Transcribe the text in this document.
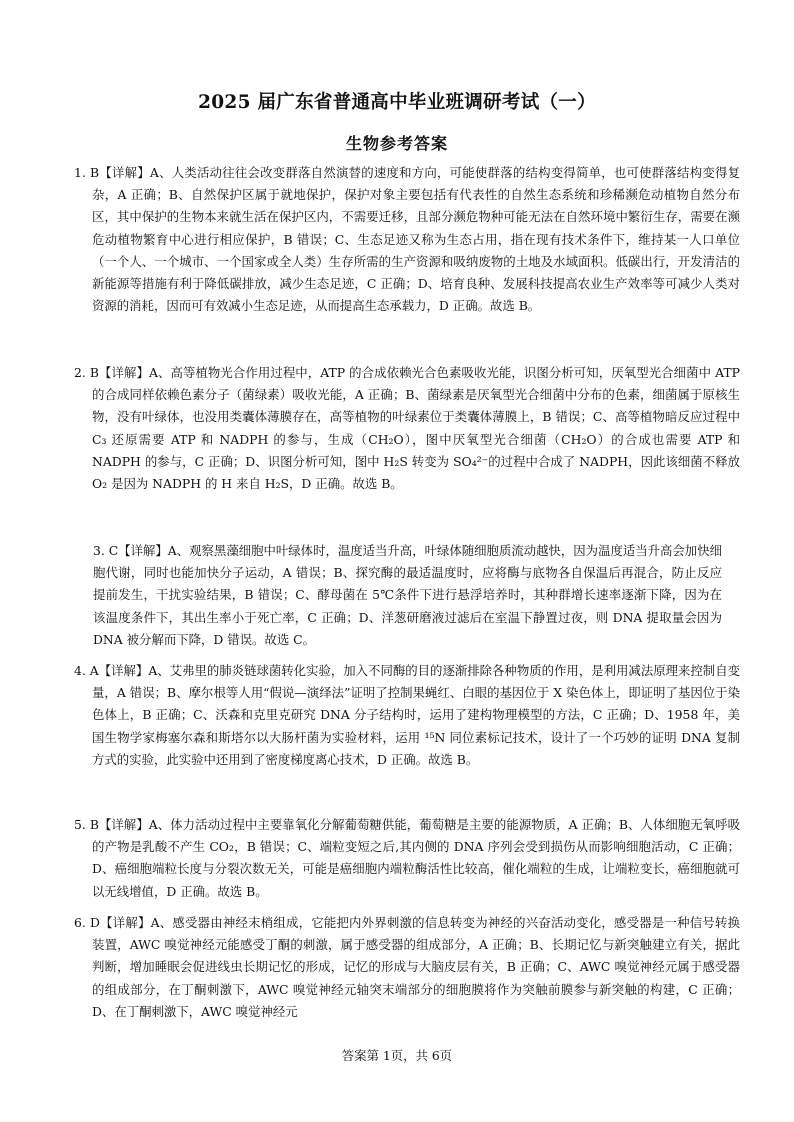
2025 届广东省普通高中毕业班调研考试（一）
生物参考答案

1. B【详解】A、人类活动往往会改变群落自然演替的速度和方向，可能使群落的结构变得简单，也可使群落结构变得复杂，A 正确；B、自然保护区属于就地保护，保护对象主要包括有代表性的自然生态系统和珍稀濒危动植物自然分布区，其中保护的生物本来就生活在保护区内，不需要迁移，且部分濒危物种可能无法在自然环境中繁衍生存，需要在濒危动植物繁育中心进行相应保护，B 错误；C、生态足迹又称为生态占用，指在现有技术条件下，维持某一人口单位（一个人、一个城市、一个国家或全人类）生存所需的生产资源和吸纳废物的土地及水域面积。低碳出行，开发清洁的新能源等措施有利于降低碳排放，减少生态足迹，C 正确；D、培育良种、发展科技提高农业生产效率等可减少人类对资源的消耗，因而可有效减小生态足迹，从而提高生态承载力，D 正确。故选 B。

2. B【详解】A、高等植物光合作用过程中，ATP 的合成依赖光合色素吸收光能，识图分析可知，厌氧型光合细菌中 ATP 的合成同样依赖色素分子（菌绿素）吸收光能，A 正确；B、菌绿素是厌氧型光合细菌中分布的色素，细菌属于原核生物，没有叶绿体，也没用类囊体薄膜存在，高等植物的叶绿素位于类囊体薄膜上，B 错误；C、高等植物暗反应过程中 C₃ 还原需要 ATP 和 NADPH 的参与，生成（CH₂O），图中厌氧型光合细菌（CH₂O）的合成也需要 ATP 和 NADPH 的参与，C 正确；D、识图分析可知，图中 H₂S 转变为 SO₄²⁻的过程中合成了 NADPH，因此该细菌不释放 O₂ 是因为 NADPH 的 H 来自 H₂S，D 正确。故选 B。

3. C【详解】A、观察黑藻细胞中叶绿体时，温度适当升高，叶绿体随细胞质流动越快，因为温度适当升高会加快细胞代谢，同时也能加快分子运动，A 错误；B、探究酶的最适温度时，应将酶与底物各自保温后再混合，防止反应提前发生，干扰实验结果，B 错误；C、酵母菌在 5℃条件下进行悬浮培养时，其种群增长速率逐渐下降，因为在该温度条件下，其出生率小于死亡率，C 正确；D、洋葱研磨液过滤后在室温下静置过夜，则 DNA 提取量会因为 DNA 被分解而下降，D 错误。故选 C。

4. A【详解】A、艾弗里的肺炎链球菌转化实验，加入不同酶的目的逐渐排除各种物质的作用，是利用减法原理来控制自变量，A 错误；B、摩尔根等人用“假说—演绎法”证明了控制果蝇红、白眼的基因位于 X 染色体上，即证明了基因位于染色体上，B 正确；C、沃森和克里克研究 DNA 分子结构时，运用了建构物理模型的方法，C 正确；D、1958 年，美国生物学家梅塞尔森和斯塔尔以大肠杆菌为实验材料，运用 ¹⁵N 同位素标记技术，设计了一个巧妙的证明 DNA 复制方式的实验，此实验中还用到了密度梯度离心技术，D 正确。故选 B。

5. B【详解】A、体力活动过程中主要靠氧化分解葡萄糖供能，葡萄糖是主要的能源物质，A 正确；B、人体细胞无氧呼吸的产物是乳酸不产生 CO₂，B 错误；C、端粒变短之后,其内侧的 DNA 序列会受到损伤从而影响细胞活动，C 正确；D、癌细胞端粒长度与分裂次数无关，可能是癌细胞内端粒酶活性比较高，催化端粒的生成，让端粒变长，癌细胞就可以无线增值，D 正确。故选 B。

6. D【详解】A、感受器由神经末梢组成，它能把内外界刺激的信息转变为神经的兴奋活动变化，感受器是一种信号转换装置，AWC 嗅觉神经元能感受丁酮的刺激，属于感受器的组成部分，A 正确；B、长期记忆与新突触建立有关，据此判断，增加睡眠会促进线虫长期记忆的形成，记忆的形成与大脑皮层有关，B 正确；C、AWC 嗅觉神经元属于感受器的组成部分，在丁酮刺激下，AWC 嗅觉神经元轴突末端部分的细胞膜将作为突触前膜参与新突触的构建，C 正确；D、在丁酮刺激下，AWC 嗅觉神经元

答案第 1页，共 6页
